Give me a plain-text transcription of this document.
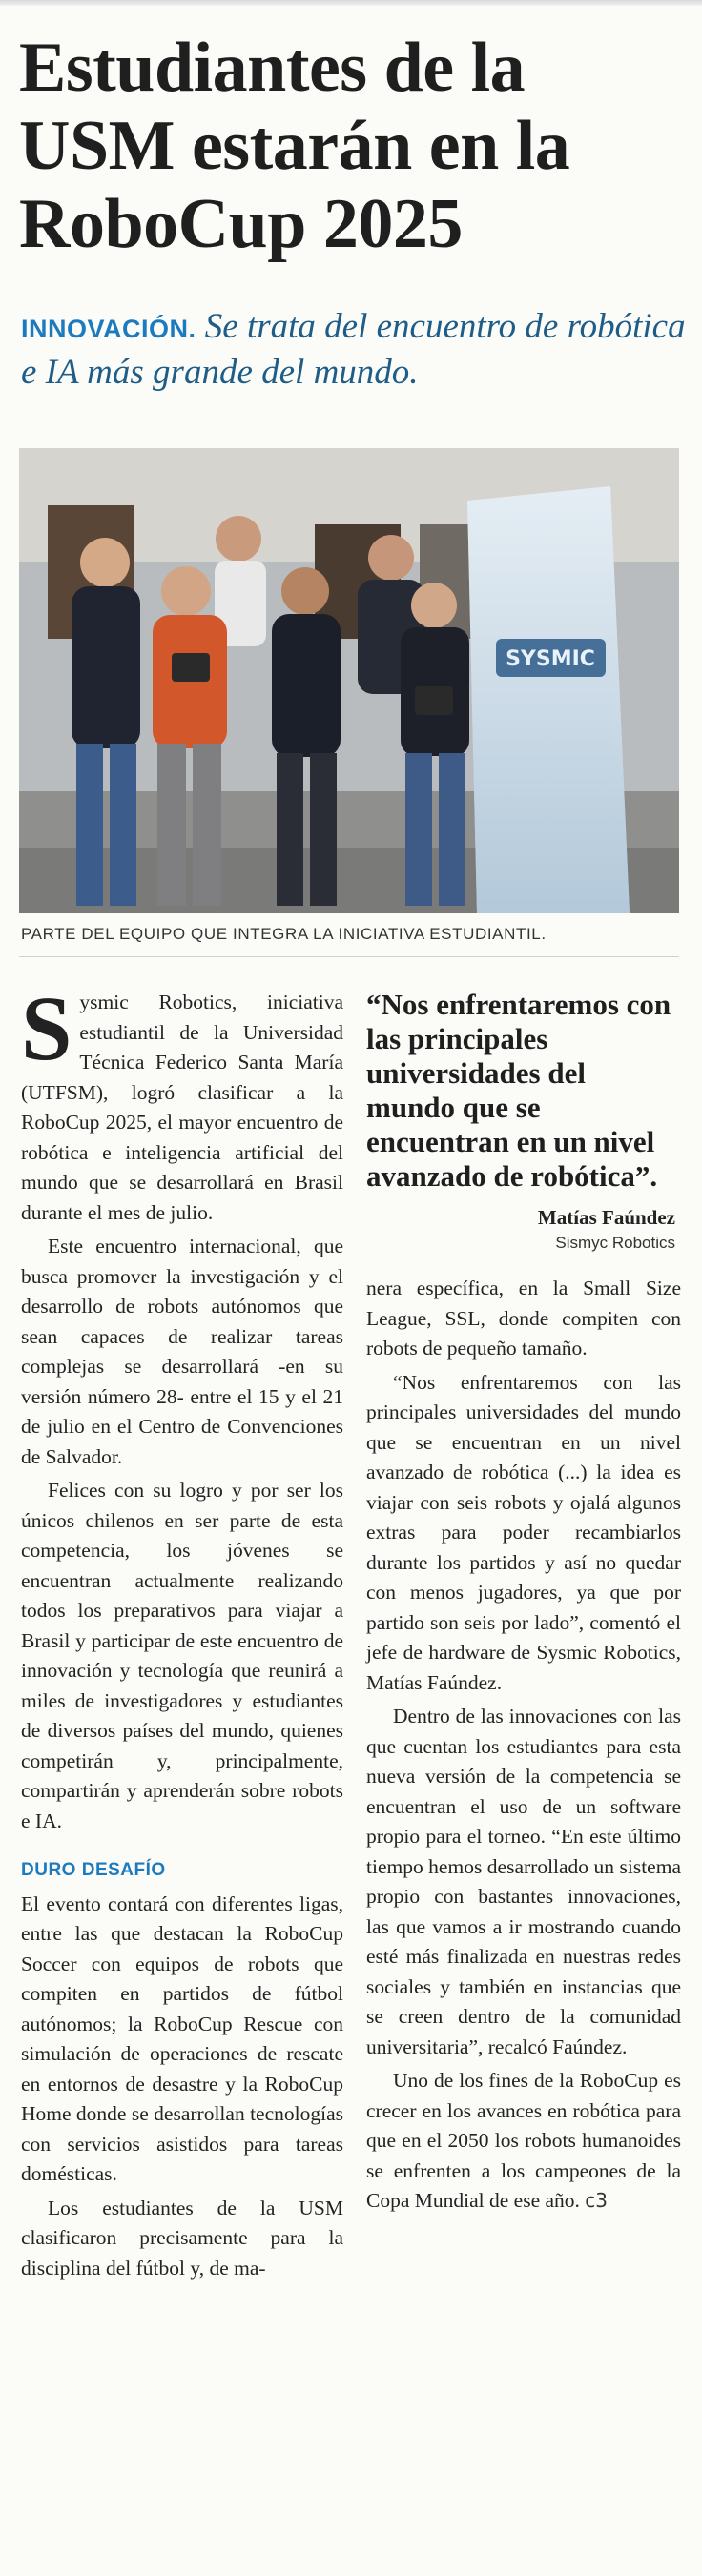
Estudiantes de la USM estarán en la RoboCup 2025
INNOVACIÓN. Se trata del encuentro de robótica e IA más grande del mundo.
SYSMIC
PARTE DEL EQUIPO QUE INTEGRA LA INICIATIVA ESTUDIANTIL.

Sysmic Robotics, iniciativa estudiantil de la Universidad Técnica Federico Santa María (UTFSM), logró clasificar a la RoboCup 2025, el mayor encuentro de robótica e inteligencia artificial del mundo que se desarrollará en Brasil durante el mes de julio.

Este encuentro internacional, que busca promover la investigación y el desarrollo de robots autónomos que sean capaces de realizar tareas complejas se desarrollará -en su versión número 28- entre el 15 y el 21 de julio en el Centro de Convenciones de Salvador.

Felices con su logro y por ser los únicos chilenos en ser parte de esta competencia, los jóvenes se encuentran actualmente realizando todos los preparativos para viajar a Brasil y participar de este encuentro de innovación y tecnología que reunirá a miles de investigadores y estudiantes de diversos países del mundo, quienes competirán y, principalmente, compartirán y aprenderán sobre robots e IA.

DURO DESAFÍO

El evento contará con diferentes ligas, entre las que destacan la RoboCup Soccer con equipos de robots que compiten en partidos de fútbol autónomos; la RoboCup Rescue con simulación de operaciones de rescate en entornos de desastre y la RoboCup Home donde se desarrollan tecnologías con servicios asistidos para tareas domésticas.

Los estudiantes de la USM clasificaron precisamente para la disciplina del fútbol y, de ma-

“Nos enfrentaremos con las principales universidades del mundo que se encuentran en un nivel avanzado de robótica”.
Matías Faúndez
Sismyc Robotics

nera específica, en la Small Size League, SSL, donde compiten con robots de pequeño tamaño.

“Nos enfrentaremos con las principales universidades del mundo que se encuentran en un nivel avanzado de robótica (...) la idea es viajar con seis robots y ojalá algunos extras para poder recambiarlos durante los partidos y así no quedar con menos jugadores, ya que por partido son seis por lado”, comentó el jefe de hardware de Sysmic Robotics, Matías Faúndez.

Dentro de las innovaciones con las que cuentan los estudiantes para esta nueva versión de la competencia se encuentran el uso de un software propio para el torneo. “En este último tiempo hemos desarrollado un sistema propio con bastantes innovaciones, las que vamos a ir mostrando cuando esté más finalizada en nuestras redes sociales y también en instancias que se creen dentro de la comunidad universitaria”, recalcó Faúndez.

Uno de los fines de la RoboCup es crecer en los avances en robótica para que en el 2050 los robots humanoides se enfrenten a los campeones de la Copa Mundial de ese año. ᴄ3
